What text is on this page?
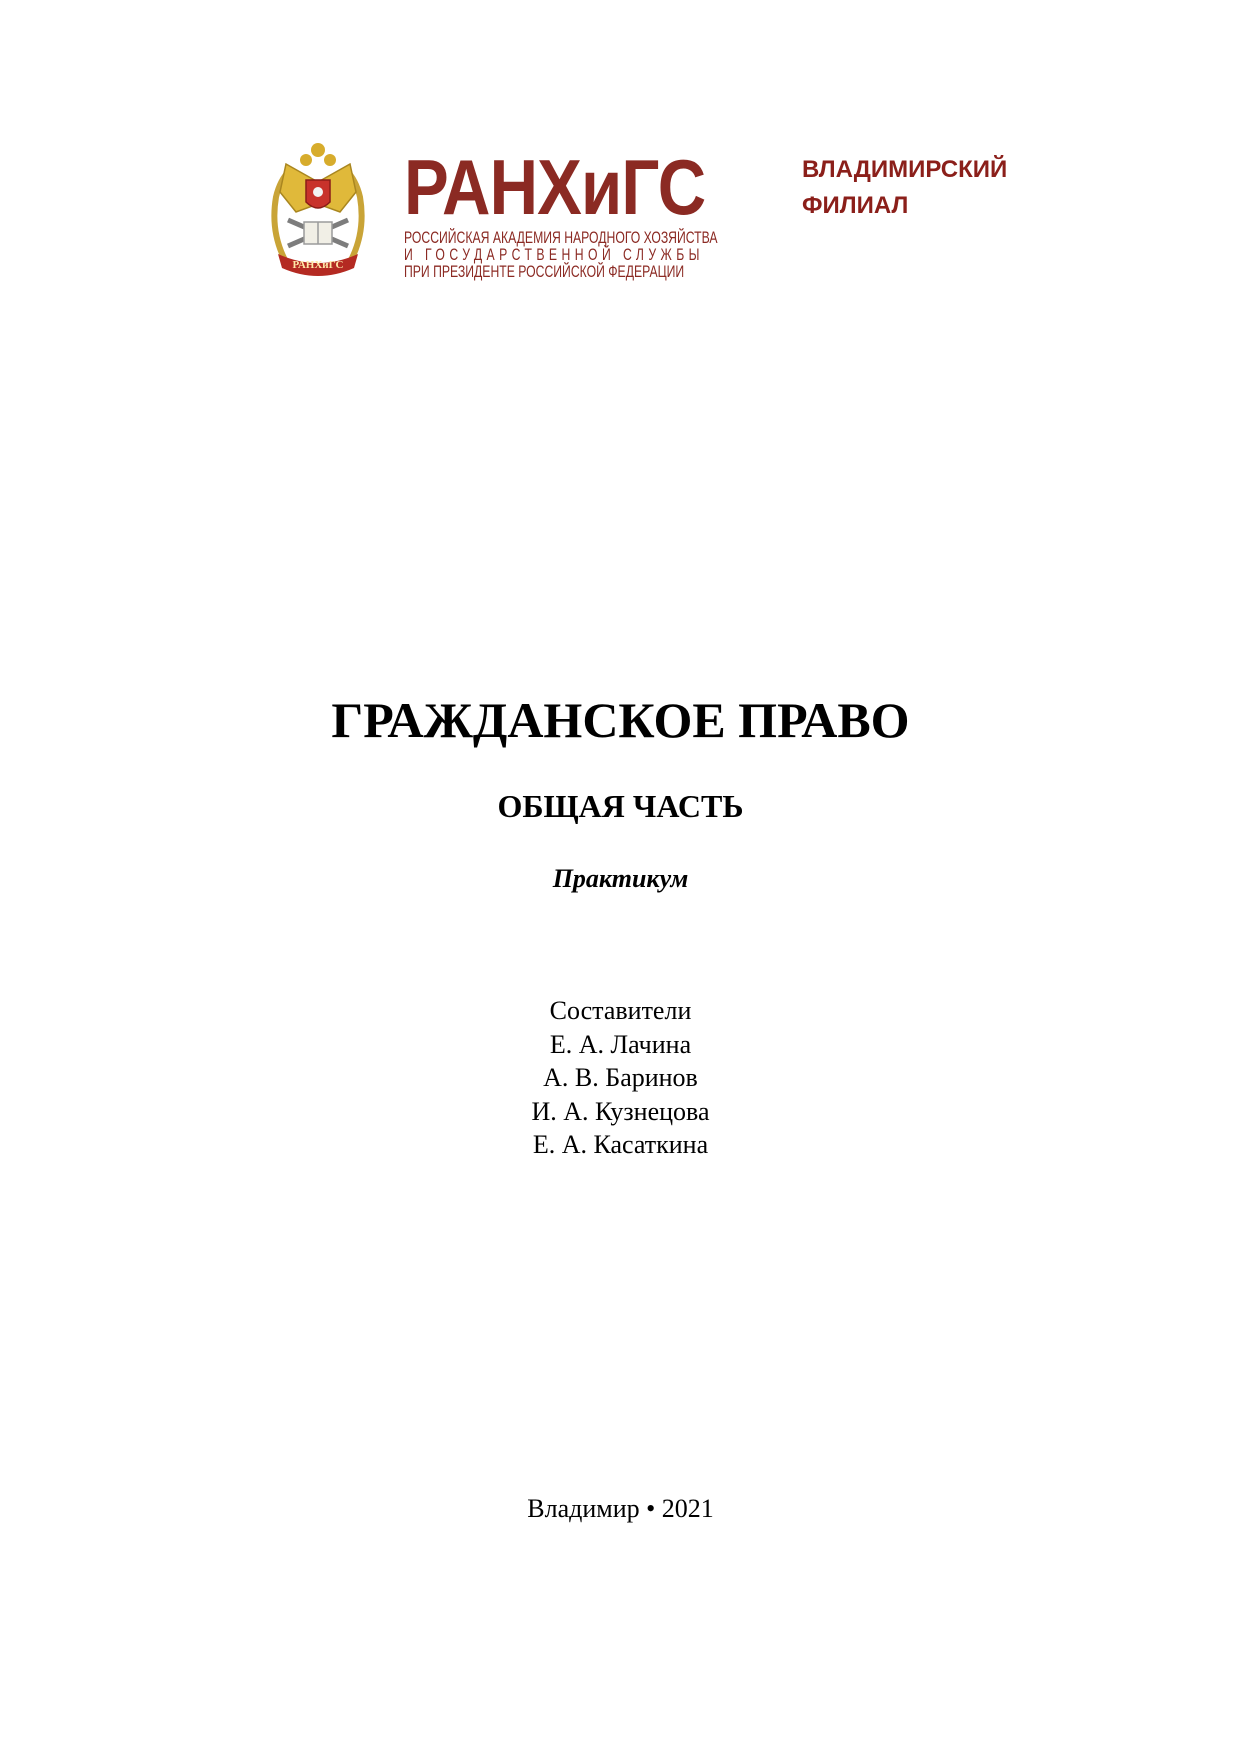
РАНХиГС
РАНХиГС
РОССИЙСКАЯ АКАДЕМИЯ НАРОДНОГО ХОЗЯЙСТВА
И ГОСУДАРСТВЕННОЙ СЛУЖБЫ
ПРИ ПРЕЗИДЕНТЕ РОССИЙСКОЙ ФЕДЕРАЦИИ
ВЛАДИМИРСКИЙ
ФИЛИАЛ
ГРАЖДАНСКОЕ ПРАВО
ОБЩАЯ ЧАСТЬ
Практикум
Составители
Е. А. Лачина
А. В. Баринов
И. А. Кузнецова
Е. А. Касаткина
Владимир • 2021
